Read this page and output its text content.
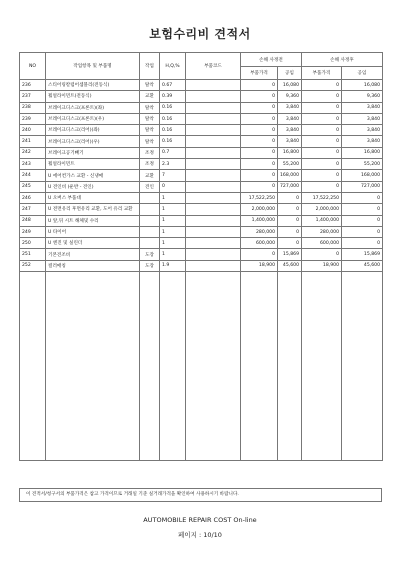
보험수리비 견적서
NO	작업항목 및 부품명	작업	H,Q,%	부품코드	손해 사정전		손해 사정후	
					부품가격	공임	부품가격	공임
236	스티어링칼럼어셈블리(전동식)	탈착	0.67		0	16,080	0	16,080
237	휠얼라이먼트(전동식)	교환	0.39		0	9,360	0	9,360
238	브레이크디스크(프론트)(좌)	탈착	0.16		0	3,840	0	3,840
239	브레이크디스크(프론트)(우)	탈착	0.16		0	3,840	0	3,840
240	브레이크디스크(리어)(좌)	탈착	0.16		0	3,840	0	3,840
241	브레이크디스크(리어)(우)	탈착	0.16		0	3,840	0	3,840
242	브레이크공기빼기	조정	0.7		0	16,800	0	16,800
243	휠얼라이먼트	조정	2.3		0	55,200	0	55,200
244	U 에어컨가스 교환 - 신냉매	교환	7		0	168,000	0	168,000
245	U 견인비 (운반 - 견인)	견인	0		0	727,000	0	727,000
246	U 오버스 부품대		1		17,522,250	0	17,522,250	0
247	U 전면유리 후면유리 교환, 도어 유리 교환		1		2,000,000	0	2,000,000	0
248	U 앞,뒤 시트 해체및 수리		1		1,400,000	0	1,400,000	0
249	U 타이어		1		280,000	0	280,000	0
250	U 엔진 및 실린더		1		600,000	0	600,000	0
251	기본견조비	도장	1		0	15,869	0	15,869
252	컬러매칭	도장	1.9		18,900	45,600	18,900	45,600

이 견적서/청구서의 부품가격은 참고 가격이므로 거래일 기준 실거래가격을 확인하여 사용하시기 바랍니다.
AUTOMOBILE REPAIR COST On-line
페이지 : 10/10
